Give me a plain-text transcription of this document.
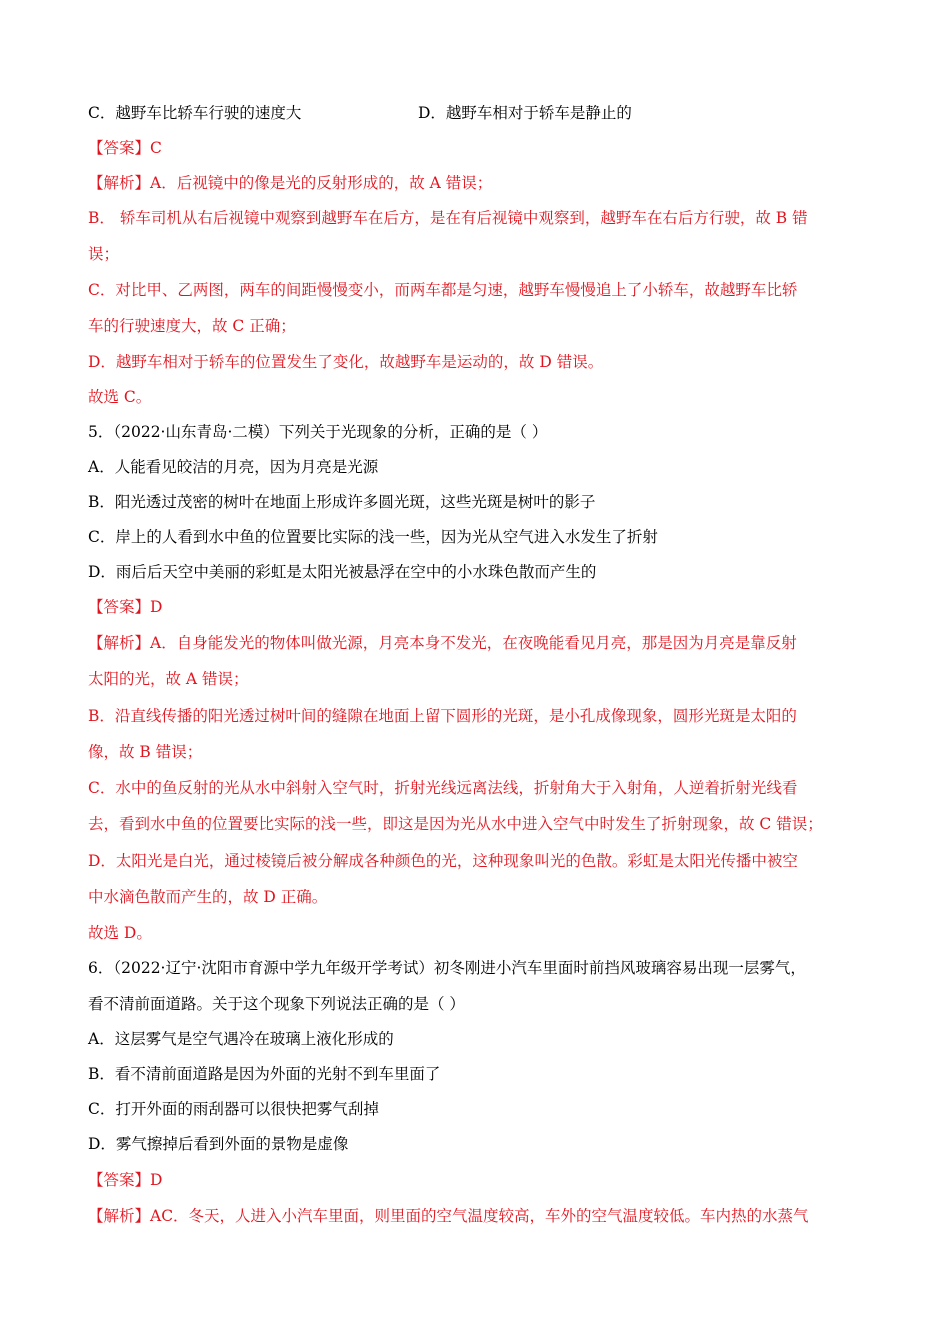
C．越野车比轿车行驶的速度大	D．越野车相对于轿车是静止的
【答案】C
【解析】A．后视镜中的像是光的反射形成的，故 A 错误；
B． 轿车司机从右后视镜中观察到越野车在后方，是在有后视镜中观察到，越野车在右后方行驶，故 B 错
误；
C．对比甲、乙两图，两车的间距慢慢变小，而两车都是匀速，越野车慢慢追上了小轿车，故越野车比轿
车的行驶速度大，故 C 正确；
D．越野车相对于轿车的位置发生了变化，故越野车是运动的，故 D 错误。
故选 C。
5．（2022·山东青岛·二模）下列关于光现象的分析，正确的是（ ）
A．人能看见皎洁的月亮，因为月亮是光源
B．阳光透过茂密的树叶在地面上形成许多圆光斑，这些光斑是树叶的影子
C．岸上的人看到水中鱼的位置要比实际的浅一些，因为光从空气进入水发生了折射
D．雨后后天空中美丽的彩虹是太阳光被悬浮在空中的小水珠色散而产生的
【答案】D
【解析】A．自身能发光的物体叫做光源，月亮本身不发光，在夜晚能看见月亮，那是因为月亮是靠反射
太阳的光，故 A 错误；
B．沿直线传播的阳光透过树叶间的缝隙在地面上留下圆形的光斑，是小孔成像现象，圆形光斑是太阳的
像，故 B 错误；
C．水中的鱼反射的光从水中斜射入空气时，折射光线远离法线，折射角大于入射角，人逆着折射光线看
去，看到水中鱼的位置要比实际的浅一些，即这是因为光从水中进入空气中时发生了折射现象，故 C 错误；
D．太阳光是白光，通过棱镜后被分解成各种颜色的光，这种现象叫光的色散。彩虹是太阳光传播中被空
中水滴色散而产生的，故 D 正确。
故选 D。
6．（2022·辽宁·沈阳市育源中学九年级开学考试）初冬刚进小汽车里面时前挡风玻璃容易出现一层雾气，
看不清前面道路。关于这个现象下列说法正确的是（ ）
A．这层雾气是空气遇冷在玻璃上液化形成的
B．看不清前面道路是因为外面的光射不到车里面了
C．打开外面的雨刮器可以很快把雾气刮掉
D．雾气擦掉后看到外面的景物是虚像
【答案】D
【解析】AC．冬天，人进入小汽车里面，则里面的空气温度较高，车外的空气温度较低。车内热的水蒸气
